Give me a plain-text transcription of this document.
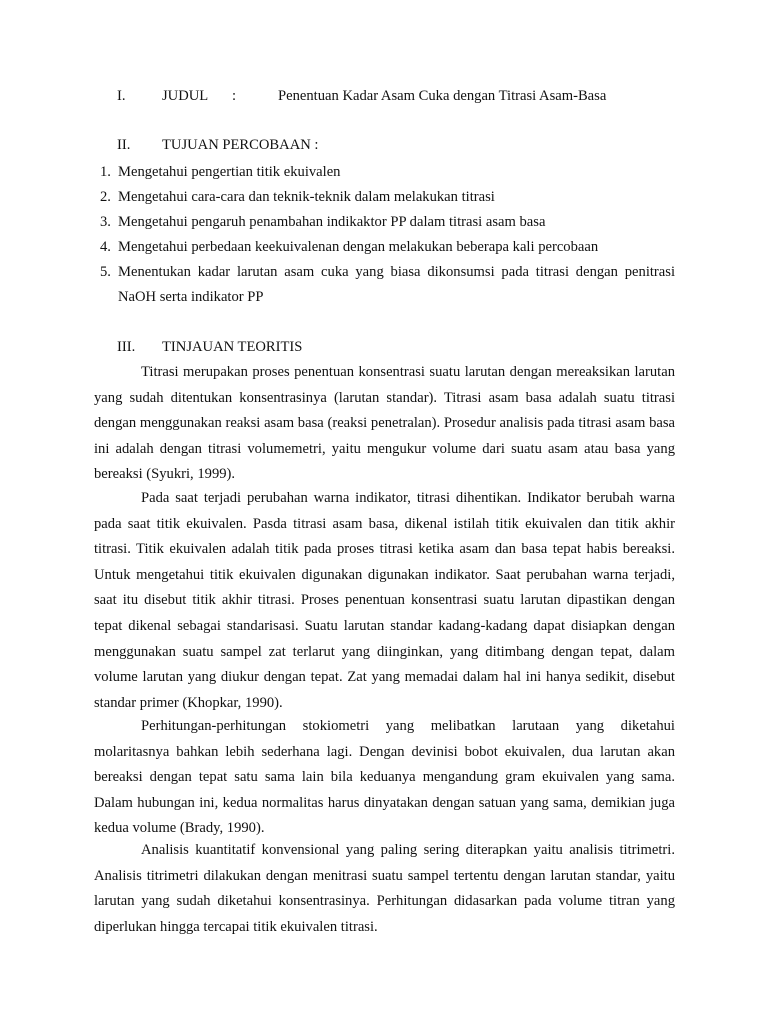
I. JUDUL :	Penentuan Kadar Asam Cuka dengan Titrasi Asam-Basa
II. TUJUAN PERCOBAAN :
1. Mengetahui pengertian titik ekuivalen
2. Mengetahui cara-cara dan teknik-teknik dalam melakukan titrasi
3. Mengetahui pengaruh penambahan indikaktor PP dalam titrasi asam basa
4. Mengetahui perbedaan keekuivalenan dengan melakukan beberapa kali percobaan
5. Menentukan kadar larutan asam cuka yang biasa dikonsumsi pada titrasi dengan penitrasi NaOH serta indikator PP
III. TINJAUAN TEORITIS
Titrasi merupakan proses penentuan konsentrasi suatu larutan dengan mereaksikan larutan yang sudah ditentukan konsentrasinya (larutan standar). Titrasi asam basa adalah suatu titrasi dengan menggunakan reaksi asam basa (reaksi penetralan). Prosedur analisis pada titrasi asam basa ini adalah dengan titrasi volumemetri, yaitu mengukur volume dari suatu asam atau basa yang bereaksi (Syukri, 1999).
Pada saat terjadi perubahan warna indikator, titrasi dihentikan. Indikator berubah warna pada saat titik ekuivalen. Pasda titrasi asam basa, dikenal istilah titik ekuivalen dan titik akhir titrasi. Titik ekuivalen adalah titik pada proses titrasi ketika asam dan basa tepat habis bereaksi. Untuk mengetahui titik ekuivalen digunakan digunakan indikator. Saat perubahan warna terjadi, saat itu disebut titik akhir titrasi. Proses penentuan konsentrasi suatu larutan dipastikan dengan tepat dikenal sebagai standarisasi. Suatu larutan standar kadang-kadang dapat disiapkan dengan menggunakan suatu sampel zat terlarut yang diinginkan, yang ditimbang dengan tepat, dalam volume larutan yang diukur dengan tepat. Zat yang memadai dalam hal ini hanya sedikit, disebut standar primer (Khopkar, 1990).
Perhitungan-perhitungan stokiometri yang melibatkan larutaan yang diketahui molaritasnya bahkan lebih sederhana lagi. Dengan devinisi bobot ekuivalen, dua larutan akan bereaksi dengan tepat satu sama lain bila keduanya mengandung gram ekuivalen yang sama. Dalam hubungan ini, kedua normalitas harus dinyatakan dengan satuan yang sama, demikian juga kedua volume (Brady, 1990).
Analisis kuantitatif konvensional yang paling sering diterapkan yaitu analisis titrimetri. Analisis titrimetri dilakukan dengan menitrasi suatu sampel tertentu dengan larutan standar, yaitu larutan yang sudah diketahui konsentrasinya. Perhitungan didasarkan pada volume titran yang diperlukan hingga tercapai titik ekuivalen titrasi.
